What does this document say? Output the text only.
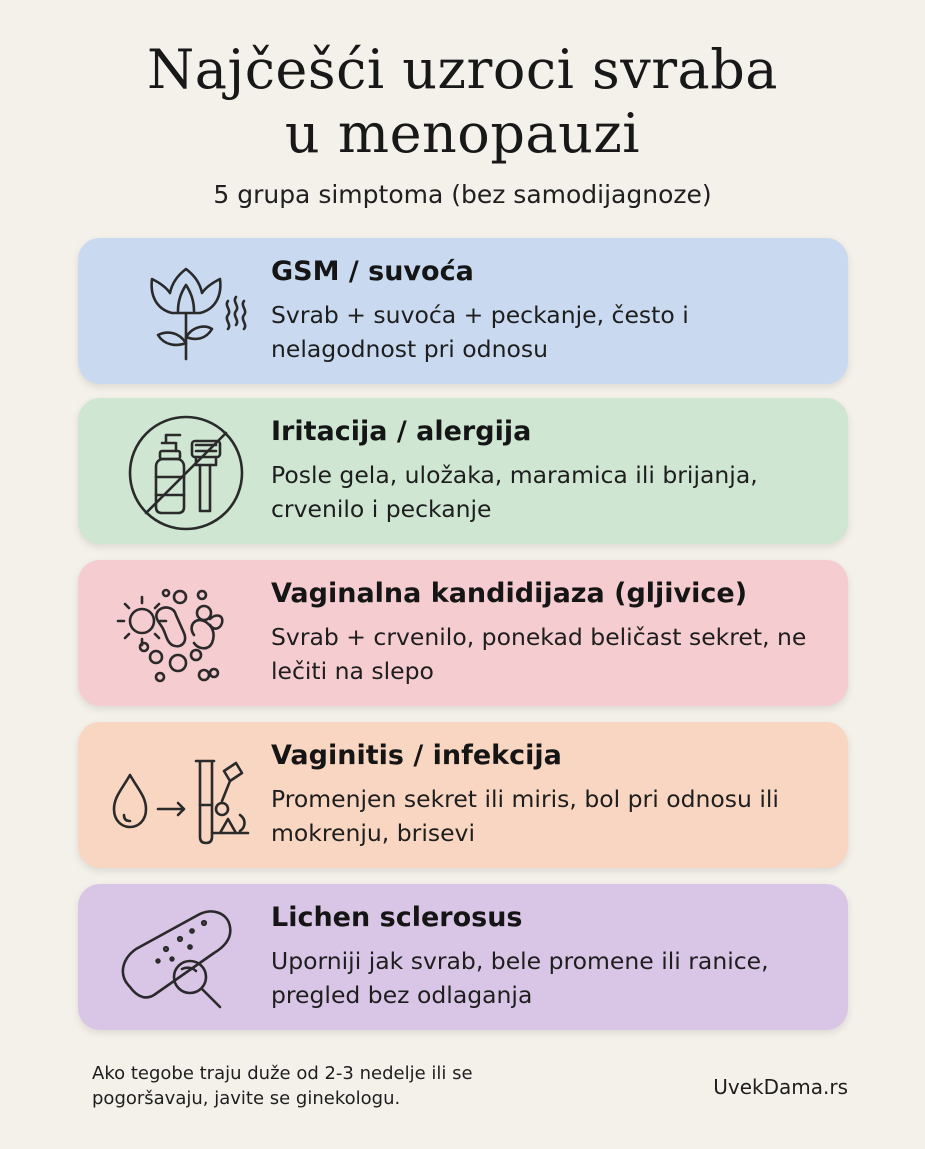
Najčešći uzroci svraba
u menopauzi
5 grupa simptoma (bez samodijagnoze)
GSM / suvoća
Svrab + suvoća + peckanje, često i nelagodnost pri odnosu
Iritacija / alergija
Posle gela, uložaka, maramica ili brijanja, crvenilo i peckanje
Vaginalna kandidijaza (gljivice)
Svrab + crvenilo, ponekad beličast sekret, ne lečiti na slepo
Vaginitis / infekcija
Promenjen sekret ili miris, bol pri odnosu ili mokrenju, brisevi
Lichen sclerosus
Uporniji jak svrab, bele promene ili ranice, pregled bez odlaganja
Ako tegobe traju duže od 2-3 nedelje ili se pogoršavaju, javite se ginekologu.	UvekDama.rs
